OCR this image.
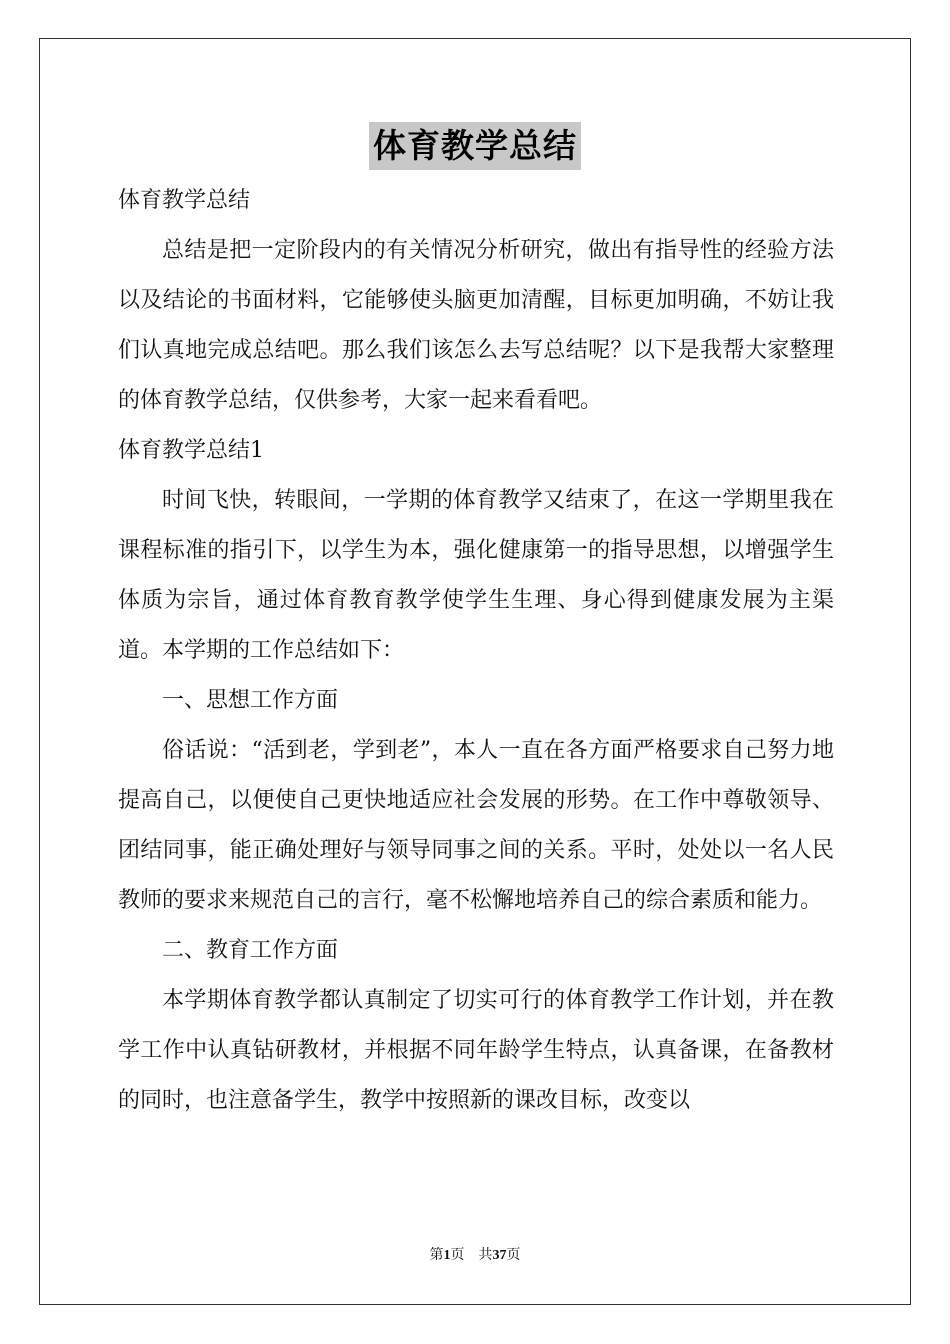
体育教学总结

体育教学总结

总结是把一定阶段内的有关情况分析研究，做出有指导性的经验方法以及结论的书面材料，它能够使头脑更加清醒，目标更加明确，不妨让我们认真地完成总结吧。那么我们该怎么去写总结呢？以下是我帮大家整理的体育教学总结，仅供参考，大家一起来看看吧。

体育教学总结1

时间飞快，转眼间，一学期的体育教学又结束了，在这一学期里我在课程标准的指引下，以学生为本，强化健康第一的指导思想，以增强学生体质为宗旨，通过体育教育教学使学生生理、身心得到健康发展为主渠道。本学期的工作总结如下：

一、思想工作方面

俗话说：“活到老，学到老”，本人一直在各方面严格要求自己努力地提高自己，以便使自己更快地适应社会发展的形势。在工作中尊敬领导、团结同事，能正确处理好与领导同事之间的关系。平时，处处以一名人民教师的要求来规范自己的言行，毫不松懈地培养自己的综合素质和能力。

二、教育工作方面

本学期体育教学都认真制定了切实可行的体育教学工作计划，并在教学工作中认真钻研教材，并根据不同年龄学生特点，认真备课，在备教材的同时，也注意备学生，教学中按照新的课改目标，改变以

第1页　共37页
